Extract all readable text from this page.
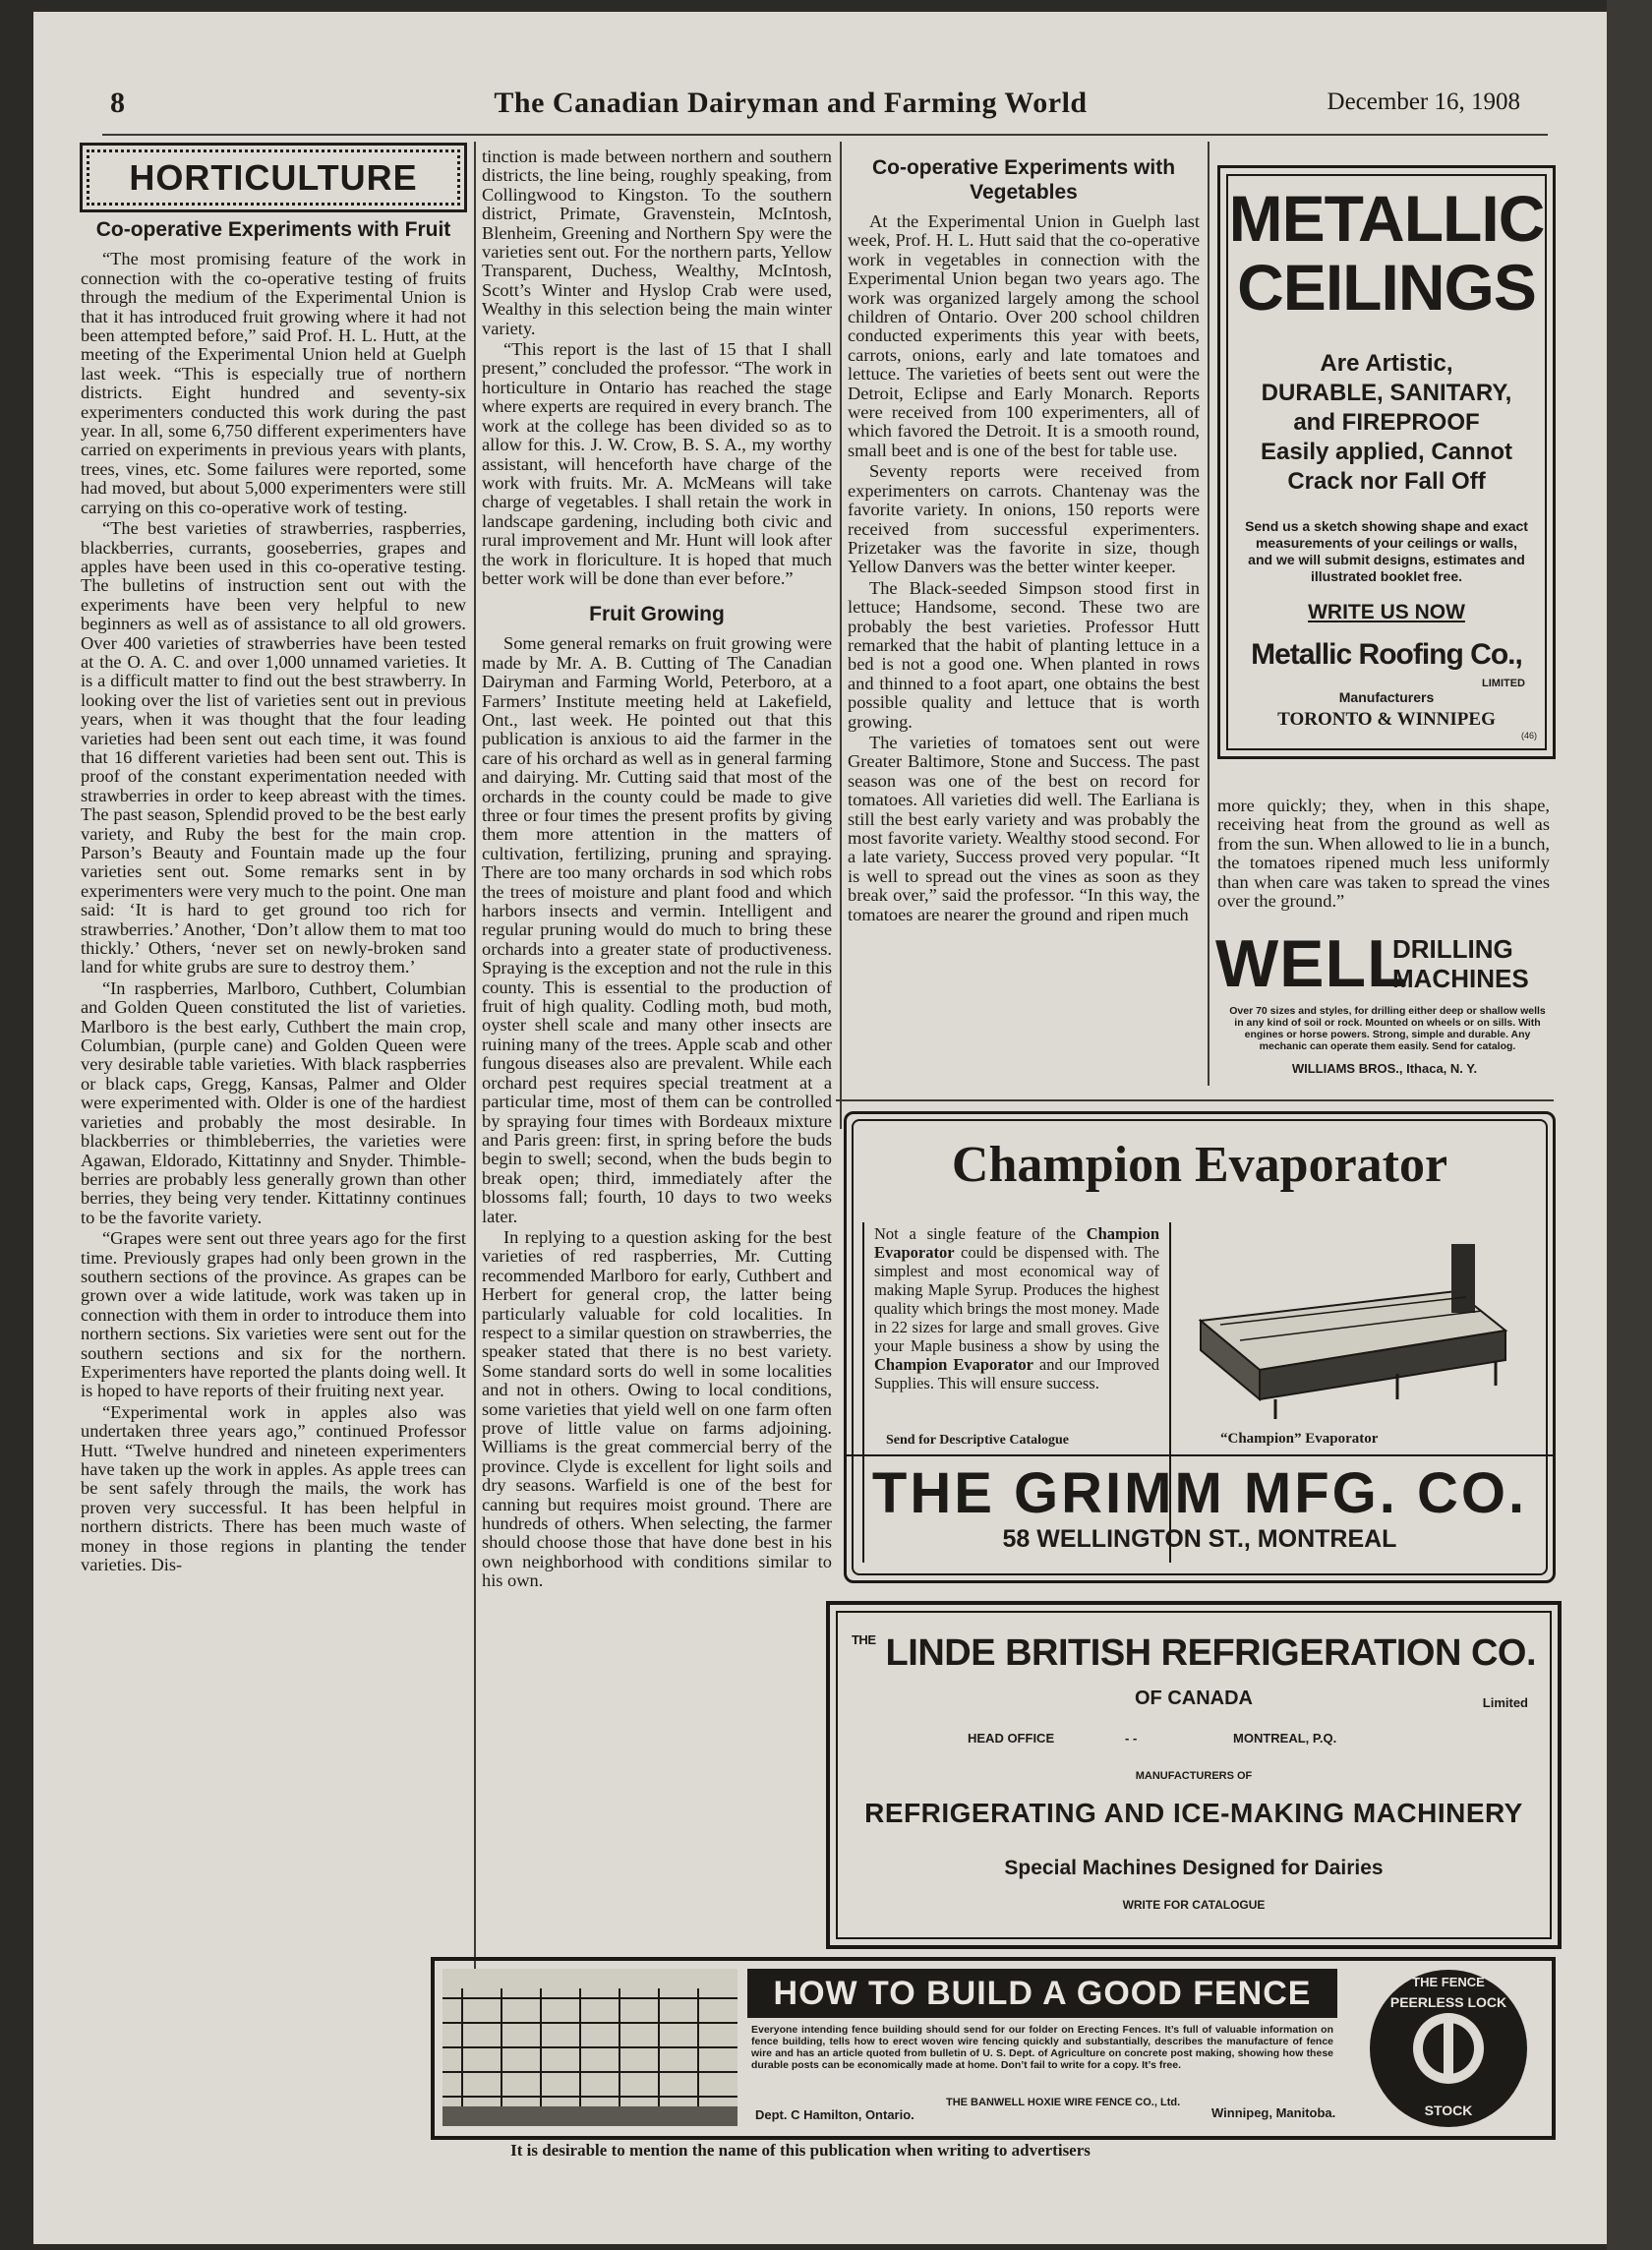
8	The Canadian Dairyman and Farming World	December 16, 1908
HORTICULTURE
Co-operative Experiments with Fruit

“The most promising feature of the work in connection with the co-operative testing of fruits through the medium of the Experimental Union is that it has introduced fruit growing where it had not been attempted before,” said Prof. H. L. Hutt, at the meeting of the Experimental Union held at Guelph last week. “This is especially true of northern districts. Eight hundred and seventy-six experimenters conducted this work during the past year. In all, some 6,750 different experimenters have carried on experiments in previous years with plants, trees, vines, etc. Some failures were reported, some had moved, but about 5,000 experimenters were still carrying on this co-operative work of testing.

“The best varieties of strawberries, raspberries, blackberries, currants, gooseberries, grapes and apples have been used in this co-operative testing. The bulletins of instruction sent out with the experiments have been very helpful to new beginners as well as of assistance to all old growers. Over 400 varieties of strawberries have been tested at the O. A. C. and over 1,000 unnamed varieties. It is a difficult matter to find out the best strawberry. In looking over the list of varieties sent out in previous years, when it was thought that the four leading varieties had been sent out each time, it was found that 16 different varieties had been sent out. This is proof of the constant experimentation needed with strawberries in order to keep abreast with the times. The past season, Splendid proved to be the best early variety, and Ruby the best for the main crop. Parson’s Beauty and Fountain made up the four varieties sent out. Some remarks sent in by experimenters were very much to the point. One man said: ‘It is hard to get ground too rich for strawberries.’ Another, ‘Don’t allow them to mat too thickly.’ Others, ‘never set on newly-broken sand land for white grubs are sure to destroy them.’

“In raspberries, Marlboro, Cuthbert, Columbian and Golden Queen constituted the list of varieties. Marlboro is the best early, Cuthbert the main crop, Columbian, (purple cane) and Golden Queen were very desirable table varieties. With black raspberries or black caps, Gregg, Kansas, Palmer and Older were experimented with. Older is one of the hardiest varieties and probably the most desirable. In blackberries or thimbleberries, the varieties were Agawan, Eldorado, Kittatinny and Snyder. Thimble-berries are probably less generally grown than other berries, they being very tender. Kittatinny continues to be the favorite variety.

“Grapes were sent out three years ago for the first time. Previously grapes had only been grown in the southern sections of the province. As grapes can be grown over a wide latitude, work was taken up in connection with them in order to introduce them into northern sections. Six varieties were sent out for the southern sections and six for the northern. Experimenters have reported the plants doing well. It is hoped to have reports of their fruiting next year.

“Experimental work in apples also was undertaken three years ago,” continued Professor Hutt. “Twelve hundred and nineteen experimenters have taken up the work in apples. As apple trees can be sent safely through the mails, the work has proven very successful. It has been helpful in northern districts. There has been much waste of money in those regions in planting the tender varieties. Dis-

tinction is made between northern and southern districts, the line being, roughly speaking, from Collingwood to Kingston. To the southern district, Primate, Gravenstein, McIntosh, Blenheim, Greening and Northern Spy were the varieties sent out. For the northern parts, Yellow Transparent, Duchess, Wealthy, McIntosh, Scott’s Winter and Hyslop Crab were used, Wealthy in this selection being the main winter variety.

“This report is the last of 15 that I shall present,” concluded the professor. “The work in horticulture in Ontario has reached the stage where experts are required in every branch. The work at the college has been divided so as to allow for this. J. W. Crow, B. S. A., my worthy assistant, will henceforth have charge of the work with fruits. Mr. A. McMeans will take charge of vegetables. I shall retain the work in landscape gardening, including both civic and rural improvement and Mr. Hunt will look after the work in floriculture. It is hoped that much better work will be done than ever before.”

Fruit Growing

Some general remarks on fruit growing were made by Mr. A. B. Cutting of The Canadian Dairyman and Farming World, Peterboro, at a Farmers’ Institute meeting held at Lakefield, Ont., last week. He pointed out that this publication is anxious to aid the farmer in the care of his orchard as well as in general farming and dairying. Mr. Cutting said that most of the orchards in the county could be made to give three or four times the present profits by giving them more attention in the matters of cultivation, fertilizing, pruning and spraying. There are too many orchards in sod which robs the trees of moisture and plant food and which harbors insects and vermin. Intelligent and regular pruning would do much to bring these orchards into a greater state of productiveness. Spraying is the exception and not the rule in this county. This is essential to the production of fruit of high quality. Codling moth, bud moth, oyster shell scale and many other insects are ruining many of the trees. Apple scab and other fungous diseases also are prevalent. While each orchard pest requires special treatment at a particular time, most of them can be controlled by spraying four times with Bordeaux mixture and Paris green: first, in spring before the buds begin to swell; second, when the buds begin to break open; third, immediately after the blossoms fall; fourth, 10 days to two weeks later.

In replying to a question asking for the best varieties of red raspberries, Mr. Cutting recommended Marlboro for early, Cuthbert and Herbert for general crop, the latter being particularly valuable for cold localities. In respect to a similar question on strawberries, the speaker stated that there is no best variety. Some standard sorts do well in some localities and not in others. Owing to local conditions, some varieties that yield well on one farm often prove of little value on farms adjoining. Williams is the great commercial berry of the province. Clyde is excellent for light soils and dry seasons. Warfield is one of the best for canning but requires moist ground. There are hundreds of others. When selecting, the farmer should choose those that have done best in his own neighborhood with conditions similar to his own.

Co-operative Experiments with Vegetables

At the Experimental Union in Guelph last week, Prof. H. L. Hutt said that the co-operative work in vegetables in connection with the Experimental Union began two years ago. The work was organized largely among the school children of Ontario. Over 200 school children conducted experiments this year with beets, carrots, onions, early and late tomatoes and lettuce. The varieties of beets sent out were the Detroit, Eclipse and Early Monarch. Reports were received from 100 experimenters, all of which favored the Detroit. It is a smooth round, small beet and is one of the best for table use.

Seventy reports were received from experimenters on carrots. Chantenay was the favorite variety. In onions, 150 reports were received from successful experimenters. Prizetaker was the favorite in size, though Yellow Danvers was the better winter keeper.

The Black-seeded Simpson stood first in lettuce; Handsome, second. These two are probably the best varieties. Professor Hutt remarked that the habit of planting lettuce in a bed is not a good one. When planted in rows and thinned to a foot apart, one obtains the best possible quality and lettuce that is worth growing.

The varieties of tomatoes sent out were Greater Baltimore, Stone and Success. The past season was one of the best on record for tomatoes. All varieties did well. The Earliana is still the best early variety and was probably the most favorite variety. Wealthy stood second. For a late variety, Success proved very popular. “It is well to spread out the vines as soon as they break over,” said the professor. “In this way, the tomatoes are nearer the ground and ripen much

METALLIC
CEILINGS
Are Artistic,
DURABLE, SANITARY,
and FIREPROOF
Easily applied, Cannot
Crack nor Fall Off
Send us a sketch showing shape and exact measurements of your ceilings or walls, and we will submit designs, estimates and illustrated booklet free.
WRITE US NOW
Metallic Roofing Co.,
LIMITED
Manufacturers
TORONTO & WINNIPEG
(46)

more quickly; they, when in this shape, receiving heat from the ground as well as from the sun. When allowed to lie in a bunch, the tomatoes ripened much less uniformly than when care was taken to spread the vines over the ground.”

WELL
DRILLING
MACHINES
Over 70 sizes and styles, for drilling either deep or shallow wells in any kind of soil or rock. Mounted on wheels or on sills. With engines or horse powers. Strong, simple and durable. Any mechanic can operate them easily. Send for catalog.
WILLIAMS BROS., Ithaca, N. Y.
Champion Evaporator
Not a single feature of the Champion Evaporator could be dispensed with. The simplest and most economical way of making Maple Syrup. Produces the highest quality which brings the most money. Made in 22 sizes for large and small groves. Give your Maple business a show by using the Champion Evaporator and our Improved Supplies. This will ensure success.
Send for Descriptive Catalogue	“Champion” Evaporator
THE GRIMM MFG. CO.
58 WELLINGTON ST., MONTREAL
$^{THE}$ LINDE BRITISH REFRIGERATION CO.
OF CANADA	Limited
HEAD OFFICE	- -	MONTREAL, P.Q.
MANUFACTURERS OF
REFRIGERATING AND ICE-MAKING MACHINERY
Special Machines Designed for Dairies
WRITE FOR CATALOGUE
HOW TO BUILD A GOOD FENCE
Everyone intending fence building should send for our folder on Erecting Fences. It’s full of valuable information on fence building, tells how to erect woven wire fencing quickly and substantially, describes the manufacture of fence wire and has an article quoted from bulletin of U. S. Dept. of Agriculture on concrete post making, showing how these durable posts can be economically made at home. Don’t fail to write for a copy. It’s free.
THE BANWELL HOXIE WIRE FENCE CO., Ltd.
Dept. C Hamilton, Ontario.	Winnipeg, Manitoba.
THE FENCE
PEERLESS LOCK
STOCK
It is desirable to mention the name of this publication when writing to advertisers
